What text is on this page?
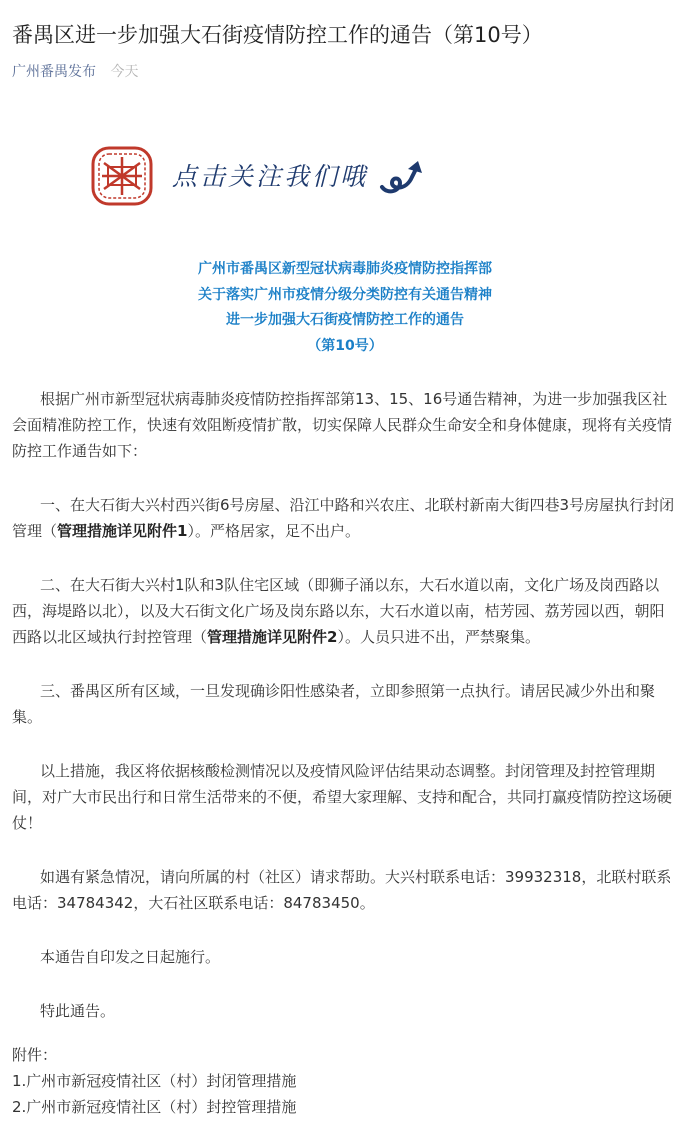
番禺区进一步加强大石街疫情防控工作的通告（第10号）
广州番禺发布 今天
点击关注我们哦
广州市番禺区新型冠状病毒肺炎疫情防控指挥部
关于落实广州市疫情分级分类防控有关通告精神
进一步加强大石街疫情防控工作的通告
（第10号）

根据广州市新型冠状病毒肺炎疫情防控指挥部第13、15、16号通告精神，为进一步加强我区社会面精准防控工作，快速有效阻断疫情扩散，切实保障人民群众生命安全和身体健康，现将有关疫情防控工作通告如下：

一、在大石街大兴村西兴街6号房屋、沿江中路和兴农庄、北联村新南大街四巷3号房屋执行封闭管理（管理措施详见附件1）。严格居家，足不出户。

二、在大石街大兴村1队和3队住宅区域（即狮子涌以东，大石水道以南，文化广场及岗西路以西，海堤路以北），以及大石街文化广场及岗东路以东，大石水道以南，桔芳园、荔芳园以西，朝阳西路以北区域执行封控管理（管理措施详见附件2）。人员只进不出，严禁聚集。

三、番禺区所有区域，一旦发现确诊阳性感染者，立即参照第一点执行。请居民减少外出和聚集。

以上措施，我区将依据核酸检测情况以及疫情风险评估结果动态调整。封闭管理及封控管理期间，对广大市民出行和日常生活带来的不便，希望大家理解、支持和配合，共同打赢疫情防控这场硬仗！

如遇有紧急情况，请向所属的村（社区）请求帮助。大兴村联系电话：39932318，北联村联系电话：34784342，大石社区联系电话：84783450。

本通告自印发之日起施行。

特此通告。

附件：
1.广州市新冠疫情社区（村）封闭管理措施
2.广州市新冠疫情社区（村）封控管理措施
